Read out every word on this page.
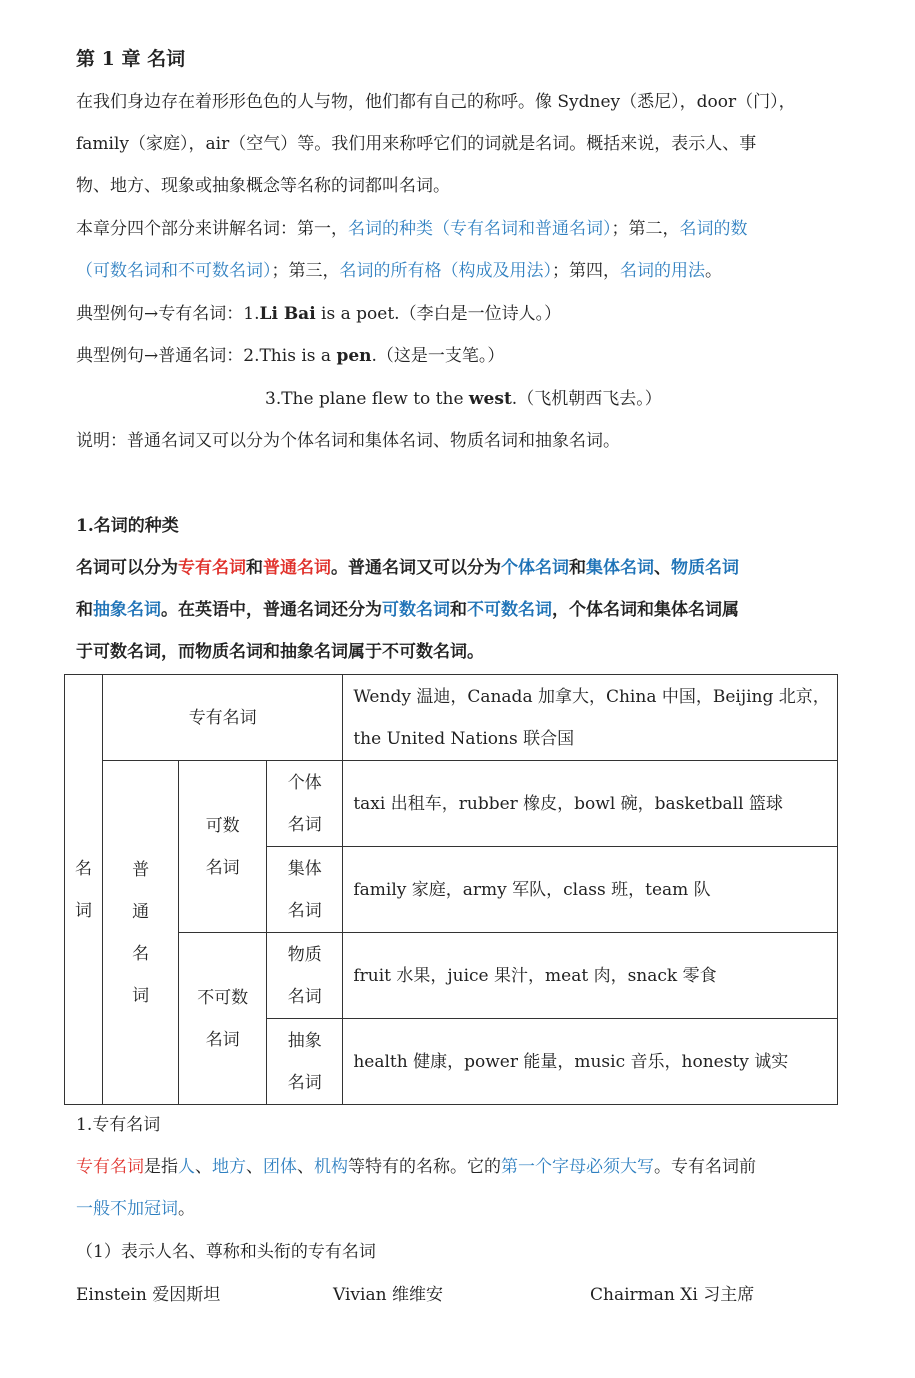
第 1 章 名词
在我们身边存在着形形色色的人与物，他们都有自己的称呼。像 Sydney（悉尼），door（门），
family（家庭），air（空气）等。我们用来称呼它们的词就是名词。概括来说，表示人、事
物、地方、现象或抽象概念等名称的词都叫名词。
本章分四个部分来讲解名词：第一，名词的种类（专有名词和普通名词）；第二，名词的数
（可数名词和不可数名词）；第三，名词的所有格（构成及用法）；第四，名词的用法。
典型例句→专有名词：1.Li Bai is a poet.（李白是一位诗人。）
典型例句→普通名词：2.This is a pen.（这是一支笔。）
3.The plane flew to the west.（飞机朝西飞去。）
说明：普通名词又可以分为个体名词和集体名词、物质名词和抽象名词。
1.名词的种类
名词可以分为专有名词和普通名词。普通名词又可以分为个体名词和集体名词、物质名词
和抽象名词。在英语中，普通名词还分为可数名词和不可数名词，个体名词和集体名词属
于可数名词，而物质名词和抽象名词属于不可数名词。
名
词	专有名词			Wendy 温迪，Canada 加拿大，China 中国，Beijing 北京，
the United Nations 联合国

	普
通
名
词	可数
名词	个体
名词	taxi 出租车，rubber 橡皮，bowl 碗，basketball 篮球

			集体
名词	family 家庭，army 军队，class 班，team 队

		不可数
名词	物质
名词	fruit 水果，juice 果汁，meat 肉，snack 零食

			抽象
名词	health 健康，power 能量，music 音乐，honesty 诚实
1.专有名词
专有名词是指人、地方、团体、机构等特有的名称。它的第一个字母必须大写。专有名词前
一般不加冠词。
（1）表示人名、尊称和头衔的专有名词
Einstein 爱因斯坦	Vivian 维维安	Chairman Xi 习主席
